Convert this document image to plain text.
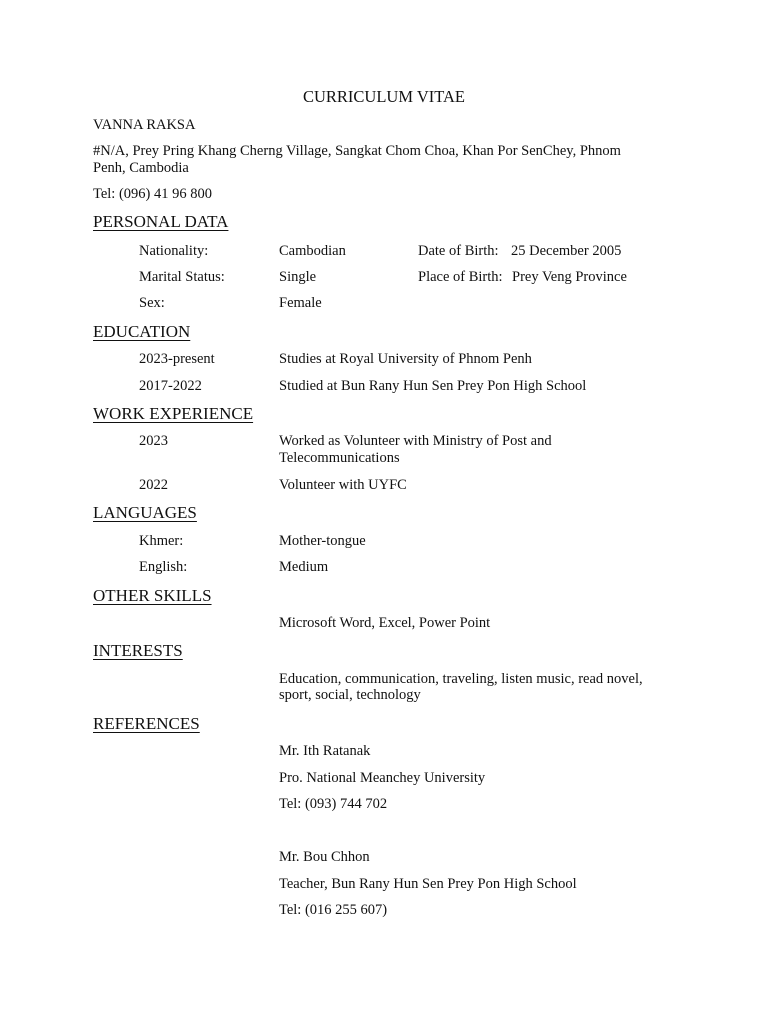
CURRICULUM VITAE
VANNA RAKSA
#N/A, Prey Pring Khang Cherng Village, Sangkat Chom Choa, Khan Por SenChey, Phnom
Penh, Cambodia
Tel: (096) 41 96 800
PERSONAL DATA
Nationality:	Cambodian	Date of Birth: 25 December 2005
Marital Status:	Single	Place of Birth: Prey Veng Province
Sex:	Female
EDUCATION
2023-present	Studies at Royal University of Phnom Penh
2017-2022	Studied at Bun Rany Hun Sen Prey Pon High School
WORK EXPERIENCE
2023	Worked as Volunteer with Ministry of Post and
Telecommunications
2022	Volunteer with UYFC
LANGUAGES
Khmer:	Mother-tongue
English:	Medium
OTHER SKILLS
Microsoft Word, Excel, Power Point
INTERESTS
Education, communication, traveling, listen music, read novel,
sport, social, technology
REFERENCES
Mr. Ith Ratanak
Pro. National Meanchey University
Tel: (093) 744 702
Mr. Bou Chhon
Teacher, Bun Rany Hun Sen Prey Pon High School
Tel: (016 255 607)
